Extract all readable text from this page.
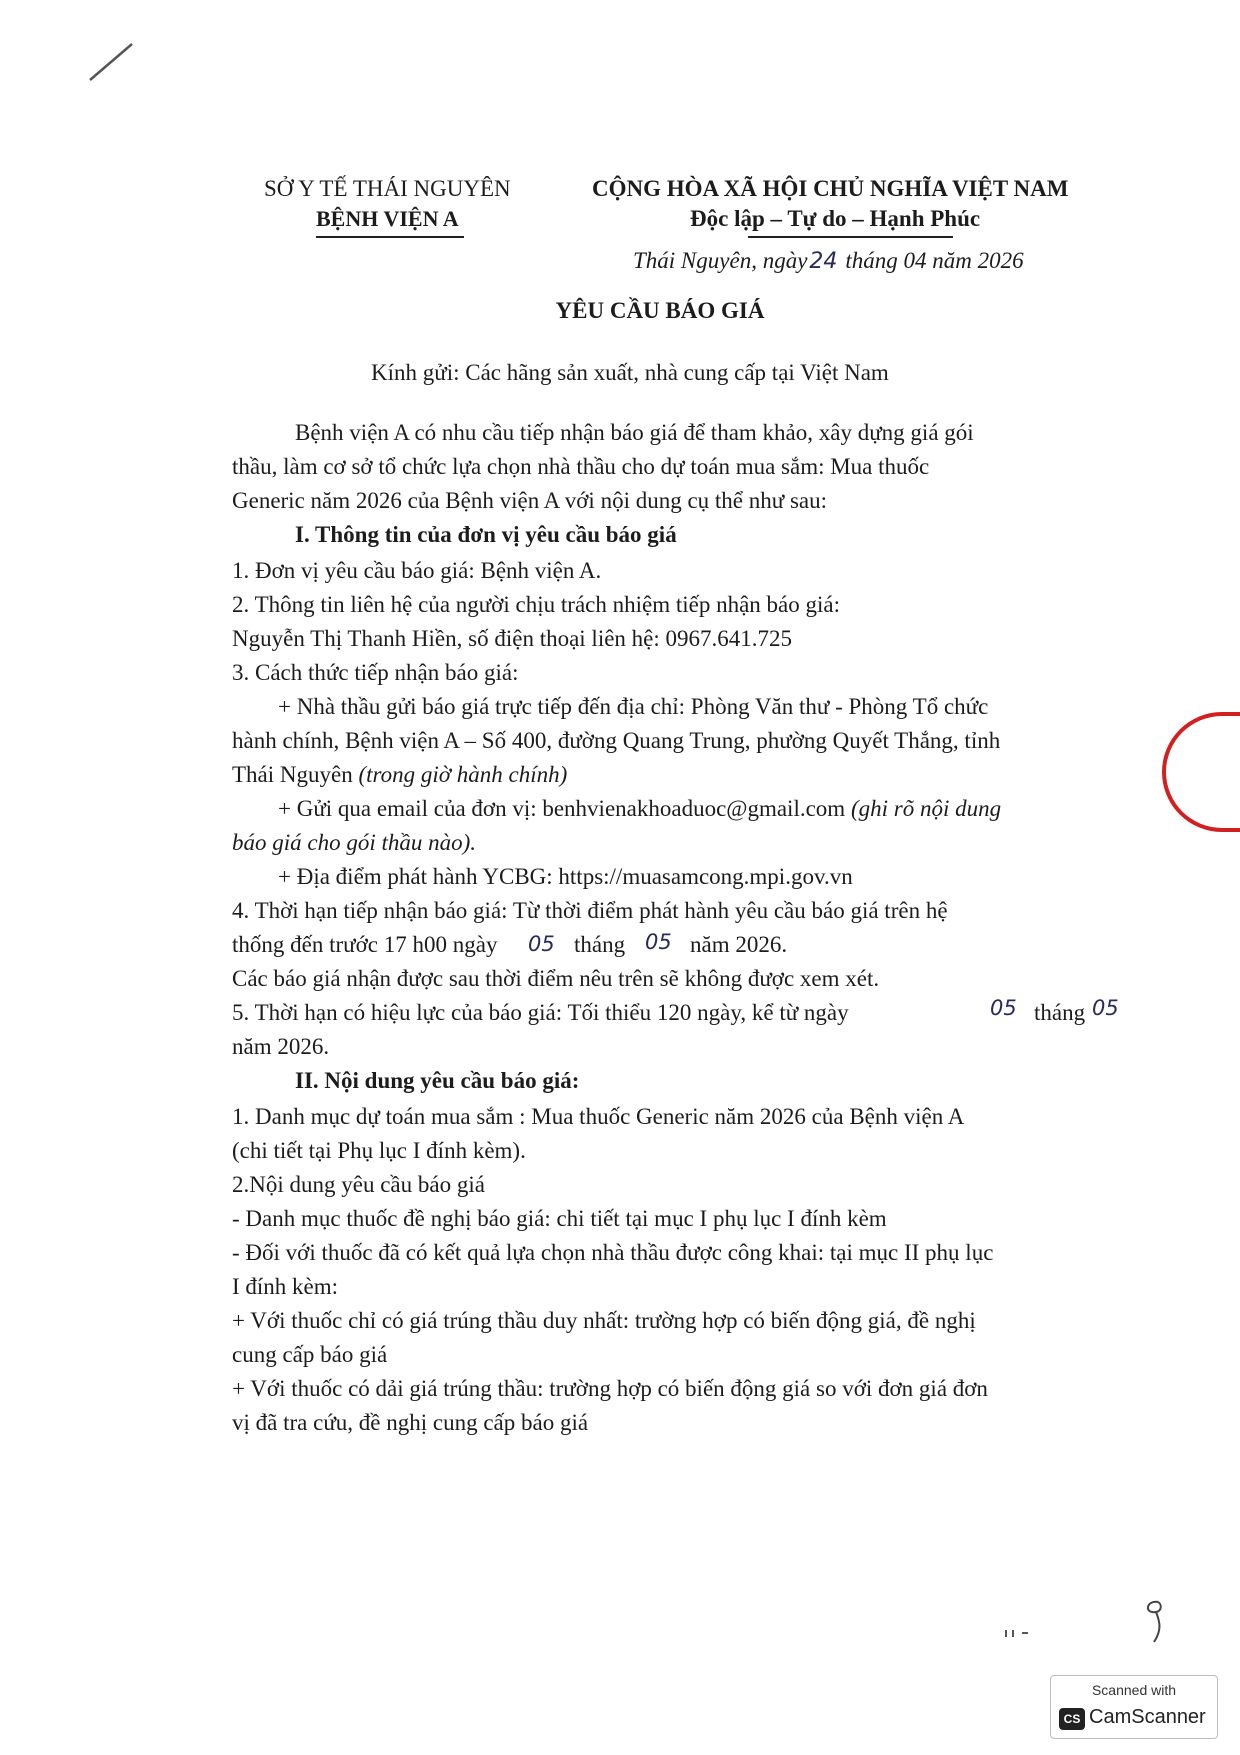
SỞ Y TẾ THÁI NGUYÊN
BỆNH VIỆN A
CỘNG HÒA XÃ HỘI CHỦ NGHĨA VIỆT NAM
Độc lập – Tự do – Hạnh Phúc
Thái Nguyên, ngày24 tháng 04 năm 2026
YÊU CẦU BÁO GIÁ
Kính gửi: Các hãng sản xuất, nhà cung cấp tại Việt Nam
Bệnh viện A có nhu cầu tiếp nhận báo giá để tham khảo, xây dựng giá gói
thầu, làm cơ sở tổ chức lựa chọn nhà thầu cho dự toán mua sắm: Mua thuốc
Generic năm 2026 của Bệnh viện A với nội dung cụ thể như sau:
I. Thông tin của đơn vị yêu cầu báo giá
1. Đơn vị yêu cầu báo giá: Bệnh viện A.
2. Thông tin liên hệ của người chịu trách nhiệm tiếp nhận báo giá:
Nguyễn Thị Thanh Hiền, số điện thoại liên hệ: 0967.641.725
3. Cách thức tiếp nhận báo giá:
+ Nhà thầu gửi báo giá trực tiếp đến địa chỉ: Phòng Văn thư - Phòng Tổ chức
hành chính, Bệnh viện A – Số 400, đường Quang Trung, phường Quyết Thắng, tỉnh
Thái Nguyên (trong giờ hành chính)
+ Gửi qua email của đơn vị: benhvienakhoaduoc@gmail.com (ghi rõ nội dung
báo giá cho gói thầu nào).
+ Địa điểm phát hành YCBG: https://muasamcong.mpi.gov.vn
4. Thời hạn tiếp nhận báo giá: Từ thời điểm phát hành yêu cầu báo giá trên hệ
thống đến trước 17 h00 ngày 05 tháng 05 năm 2026.
Các báo giá nhận được sau thời điểm nêu trên sẽ không được xem xét.
5. Thời hạn có hiệu lực của báo giá: Tối thiểu 120 ngày, kể từ ngày	05 tháng 05
năm 2026.
II. Nội dung yêu cầu báo giá:
1. Danh mục dự toán mua sắm : Mua thuốc Generic năm 2026 của Bệnh viện A
(chi tiết tại Phụ lục I đính kèm).
2.Nội dung yêu cầu báo giá
- Danh mục thuốc đề nghị báo giá: chi tiết tại mục I phụ lục I đính kèm
- Đối với thuốc đã có kết quả lựa chọn nhà thầu được công khai: tại mục II phụ lục
I đính kèm:
+ Với thuốc chỉ có giá trúng thầu duy nhất: trường hợp có biến động giá, đề nghị
cung cấp báo giá
+ Với thuốc có dải giá trúng thầu: trường hợp có biến động giá so với đơn giá đơn
vị đã tra cứu, đề nghị cung cấp báo giá
Scanned with
CS CamScanner
